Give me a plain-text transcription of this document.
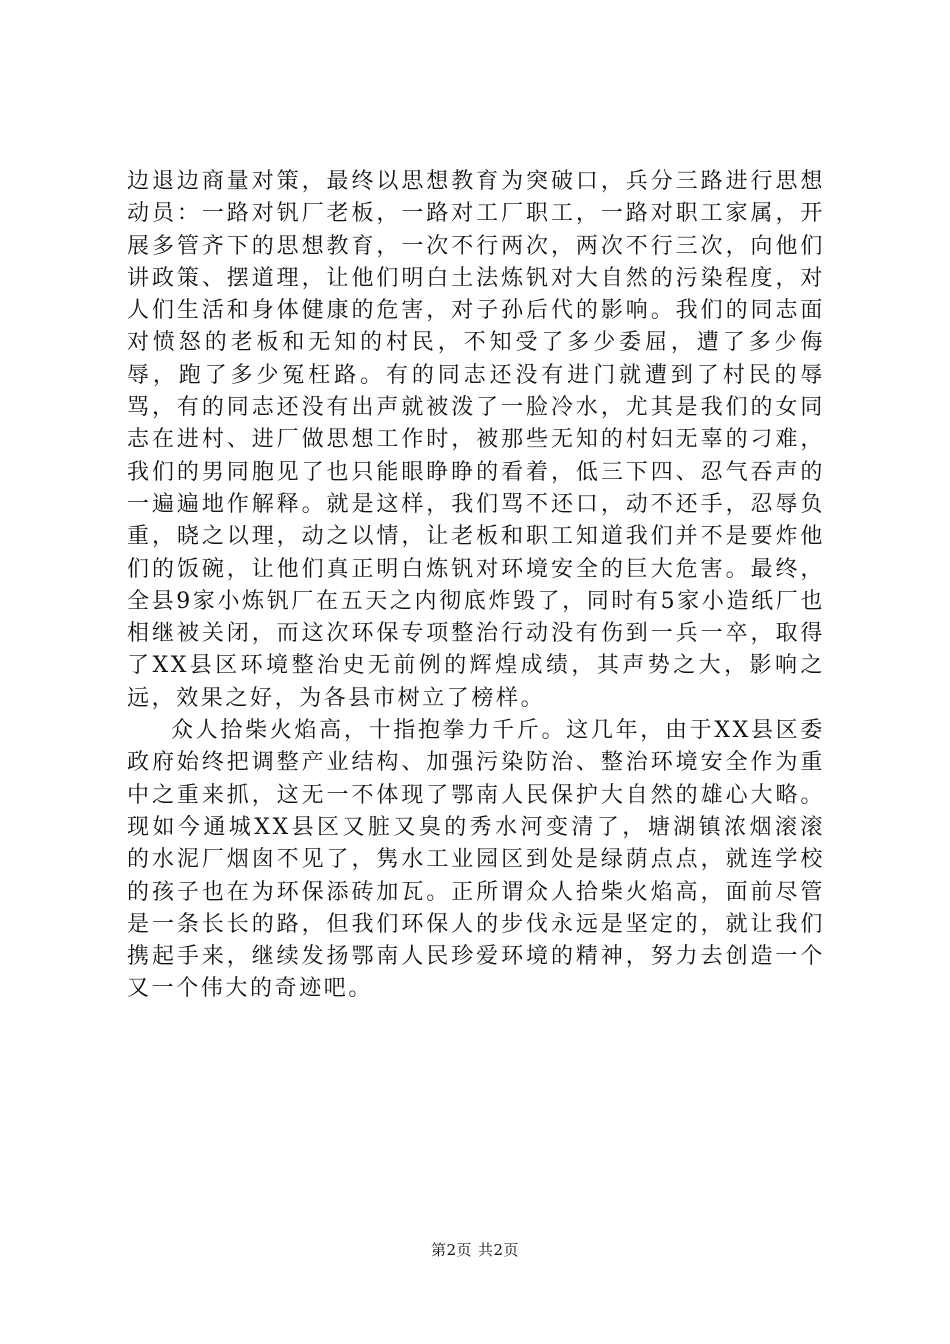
边退边商量对策，最终以思想教育为突破口，兵分三路进行思想动员：一路对钒厂老板，一路对工厂职工，一路对职工家属，开展多管齐下的思想教育，一次不行两次，两次不行三次，向他们讲政策、摆道理，让他们明白土法炼钒对大自然的污染程度，对人们生活和身体健康的危害，对子孙后代的影响。我们的同志面对愤怒的老板和无知的村民，不知受了多少委屈，遭了多少侮辱，跑了多少冤枉路。有的同志还没有进门就遭到了村民的辱骂，有的同志还没有出声就被泼了一脸冷水，尤其是我们的女同志在进村、进厂做思想工作时，被那些无知的村妇无辜的刁难，我们的男同胞见了也只能眼睁睁的看着，低三下四、忍气吞声的一遍遍地作解释。就是这样，我们骂不还口，动不还手，忍辱负重，晓之以理，动之以情，让老板和职工知道我们并不是要炸他们的饭碗，让他们真正明白炼钒对环境安全的巨大危害。最终，全县9家小炼钒厂在五天之内彻底炸毁了，同时有5家小造纸厂也相继被关闭，而这次环保专项整治行动没有伤到一兵一卒，取得了XX县区环境整治史无前例的辉煌成绩，其声势之大，影响之远，效果之好，为各县市树立了榜样。

众人拾柴火焰高，十指抱拳力千斤。这几年，由于XX县区委政府始终把调整产业结构、加强污染防治、整治环境安全作为重中之重来抓，这无一不体现了鄂南人民保护大自然的雄心大略。现如今通城XX县区又脏又臭的秀水河变清了，塘湖镇浓烟滚滚的水泥厂烟囱不见了，隽水工业园区到处是绿荫点点，就连学校的孩子也在为环保添砖加瓦。正所谓众人拾柴火焰高，面前尽管是一条长长的路，但我们环保人的步伐永远是坚定的，就让我们携起手来，继续发扬鄂南人民珍爱环境的精神，努力去创造一个又一个伟大的奇迹吧。

第2页 共2页
